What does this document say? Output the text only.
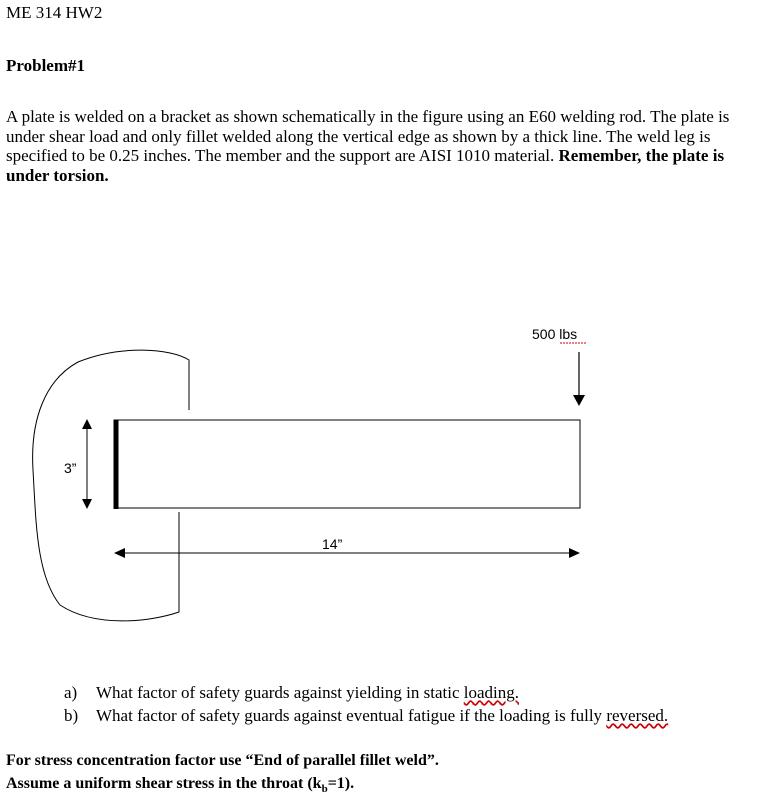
ME 314 HW2
Problem#1
A plate is welded on a bracket as shown schematically in the figure using an E60 welding rod. The plate is under shear load and only fillet welded along the vertical edge as shown by a thick line. The weld leg is specified to be 0.25 inches. The member and the support are AISI 1010 material. Remember, the plate is under torsion.
500 lbs
3”
14”
a) What factor of safety guards against yielding in static loading.
b) What factor of safety guards against eventual fatigue if the loading is fully reversed.
For stress concentration factor use “End of parallel fillet weld”.
Assume a uniform shear stress in the throat $(k_b=1)$.
